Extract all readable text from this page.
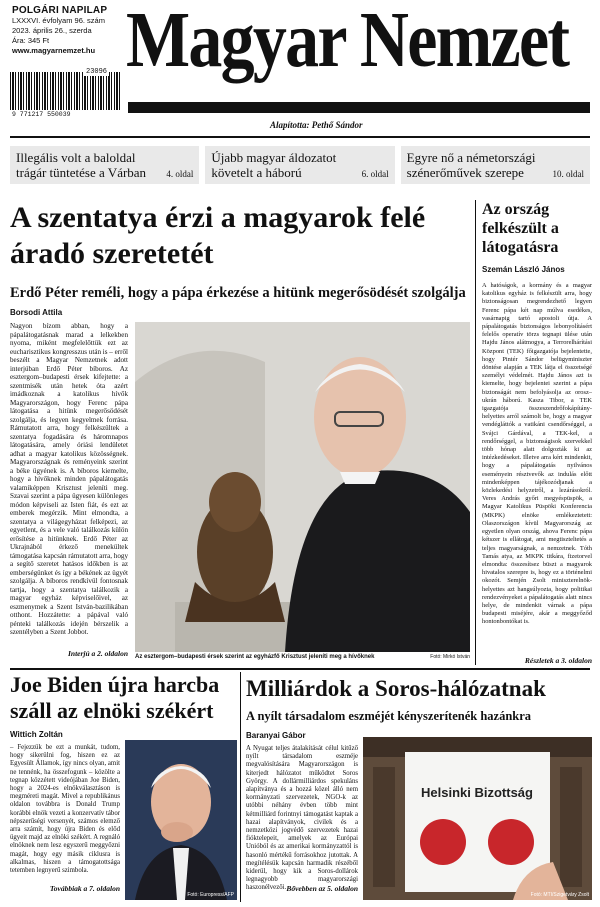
POLGÁRI NAPILAP
LXXXVI. évfolyam 96. szám
2023. április 26., szerda
Ára: 345 Ft
www.magyarnemzet.hu
23096
9 771217 550039
Magyar Nemzet
Alapította: Pethő Sándor
Illegális volt a baloldal trágár tüntetése a Várban	4. oldal
Újabb magyar áldozatot követelt a háború	6. oldal
Egyre nő a németországi szénerőművek szerepe	10. oldal
A szentatya érzi a magyarok felé áradó szeretetét
Erdő Péter reméli, hogy a pápa érkezése a hitünk megerősödését szolgálja
Borsodi Attila
Nagyon bízom abban, hogy a pápalátogatásnak marad a lelkekben nyoma, miként megfelelőttük ezt az eucharisztikus kongresszus után is – erről beszélt a Magyar Nemzetnek adott interjúban Erdő Péter bíboros. Az esztergom–budapesti érsek kifejtette: a szentmisék után hetek óta azért imádkoznak a katolikus hívők Magyarországon, hogy Ferenc pápa látogatása a hitünk megerősödését szolgálja, és legyen kegyelmek forrása. Rámutatott arra, hogy felkészültek a szentatya fogadására és háromnapos látogatására, amely óriási lendületet adhat a magyar katolikus közösségnek. Magyarországnak és reményeink szerint a béke ügyének is. A bíboros kiemelte, hogy a hívőknek minden pápalátogatás valamiképpen Krisztust jeleníti meg. Szavai szerint a pápa ügyesen különleges módon képviseli az Isten fiát, és ezt az emberek megérzik. Mint elmondta, a szentatya a világegyházat felképezi, az egyetlent, és a vele való találkozás külön erősítése a hitünknek. Erdő Péter az Ukrajnából érkező menekültek támogatása kapcsán rámutatott arra, hogy a segítő szeretet hatásos időkben is az emberségünket és így a békének az ügyét szolgálja. A bíboros rendkívül fontosnak tartja, hogy a szentatya találkozik a magyar egyház képviselőivel, az eszmenymek a Szent István-bazilikában otthont. Hozzátette: a pápával való pénteki találkozás idején bérszelik a szentélyben a Szent Jobbot.
Interjú a 2. oldalon Az esztergom–budapesti érsek szerint az egyházfő Krisztust jeleníti meg a hívőknek	Fotó: Mirkó István
Az ország felkészült a látogatásra
Szemán László János
A hatóságok, a kormány és a magyar katolikus egyház is felkészült arra, hogy biztonságosan megrendezhető legyen Ferenc pápa két nap múlva esedékes, vasárnapig tartó apostoli útja. A pápalátogatás biztonságos lebonyolításért felelős operatív törzs tegnapi ülése után Hajdu János alátmogya, a Terrorelhárítási Központ (TEK) főigazgatója bejelentette, hogy Pintér Sándor belügyminiszter döntése alapján a TEK látja el összetségé személyi védelmét. Hajdu János azt is kiemelte, hogy bejelentei szerint a pápa biztonságát nem befolyásolja az orosz–ukrán háború. Kasza Tibor, a TEK igazgatója összeszendrőfokápítány-helyettes arról számolt be, hogy a magyar vendégláttók a vatikáni csendőrséggel, a Svájci Gárdával, a TEK-kel, a rendőrséggel, a biztonságisok szervekkel több hónap alatt dolgozták ki az intézkedéseket. Illetve arra kért mindenkit, hogy a pápalátogatás nyilvános eseményein résztvevők az indulás előtt mindenképpen tájékozódjanak a közlekedési helyzetről, a lezárásokról. Veres András győri megyéspüspök, a Magyar Katolikus Püspöki Konferencia (MKPK) elnöke emlékeztetett: Olaszországon kívül Magyarország az egyetlen olyan ország, ahova Ferenc pápa kétszer is ellátogat, ami megtiszteltetés a teljes magyarságnak, a nemzetnek. Tóth Tamás atya, az MKPK titkára, fizetorvel elmondta: összesítsez büszt a magyarok hivatalos szerepre is, hogy ez a történelmi okozót. Semjén Zsolt miniszterelnök-helyettes azt hangsúlyozta, hogy politikai rendezvényeket a pápalátogatás alatt nincs helye, de mindenkit várnak a pápa budapesti miséjére, akár a meggyőződ hontonbontókat is.
Részletek a 3. oldalon
Joe Biden újra harcba száll az elnöki székért
Wittich Zoltán
– Fejezzük be ezt a munkát, tudom, hogy sikerülni fog, hiszen ez az Egyesült Államok, így nincs olyan, amit ne tennénk, ha összefogunk – közölte a tegnap közzétett videójában Joe Biden, hogy a 2024-es elnökválasztáson is megméreti magát. Mivel a republikánus oldalon továbbra is Donald Trump korábbi elnök vezeti a konzervatív tábor népszerűségi versenyét, számos elemző arra számít, hogy újra Biden és előd ügyeit majd az elnöki székért. A regnáló elnöknek nem lesz egyszerű meggyőzni magát, hogy egy másik ciklusra is alkalmas, hiszen a támogatottsága tetemben legnyerű szimbola.
Továbbiak a 7. oldalon
Fotó: Europress/AFP
Milliárdok a Soros-hálózatnak
A nyílt társadalom eszméjét kényszerítenék hazánkra
Baranyai Gábor
A Nyugat teljes átalakítását célul kitűző nyílt társadalom eszméje megvalósítására Magyarországon is kiterjedt hálózatot működtet Soros György. A dollármilliárdos spekuláns alapítványa és a hozzá közel álló nem kormányzati szervezetek, NGO-k az utóbbi néhány évben több mint kétmilliárd forintnyi támogatást kaptak a hazai alapítványok, civilek és a nemzetközi jogvédő szervezetek hazai fióktelepeit, amelyek az Európai Unióból és az amerikai kormányzattól is hasonló mértékű forrásokhoz jutottak. A megítélésük kapcsán harmadik részéből kiderül, hogy kik a Soros-dollárok legnagyobb magyarországi haszonélvezői. Bővebben az 5. oldalon
Helsinki Bizottság
Fotó: MTI/Szigetváry Zsolt
